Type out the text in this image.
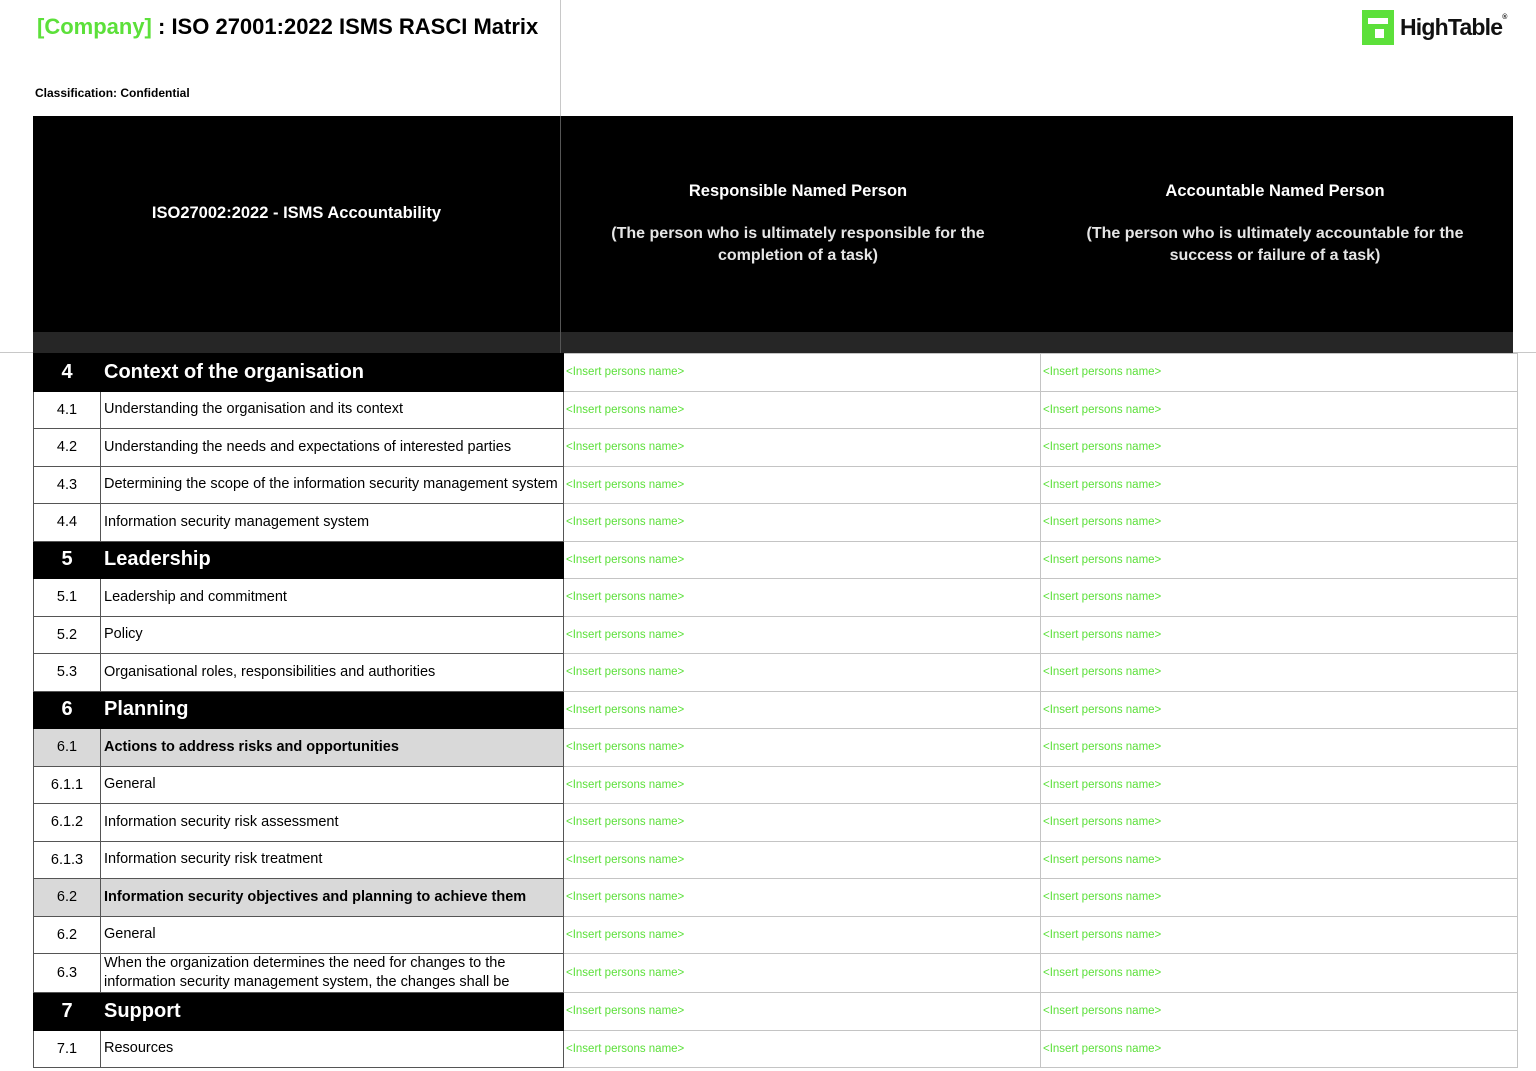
[Company] : ISO 27001:2022 ISMS RASCI Matrix
Classification: Confidential
HighTable®
ISO27002:2022 - ISMS Accountability
Responsible Named Person
(The person who is ultimately responsible for the completion of a task)
Accountable Named Person
(The person who is ultimately accountable for the success or failure of a task)
4	Context of the organisation	<Insert persons name>	<Insert persons name>
4.1	Understanding the organisation and its context	<Insert persons name>	<Insert persons name>
4.2	Understanding the needs and expectations of interested parties	<Insert persons name>	<Insert persons name>
4.3	Determining the scope of the information security management system	<Insert persons name>	<Insert persons name>
4.4	Information security management system	<Insert persons name>	<Insert persons name>
5	Leadership	<Insert persons name>	<Insert persons name>
5.1	Leadership and commitment	<Insert persons name>	<Insert persons name>
5.2	Policy	<Insert persons name>	<Insert persons name>
5.3	Organisational roles, responsibilities and authorities	<Insert persons name>	<Insert persons name>
6	Planning	<Insert persons name>	<Insert persons name>
6.1	Actions to address risks and opportunities	<Insert persons name>	<Insert persons name>
6.1.1	General	<Insert persons name>	<Insert persons name>
6.1.2	Information security risk assessment	<Insert persons name>	<Insert persons name>
6.1.3	Information security risk treatment	<Insert persons name>	<Insert persons name>
6.2	Information security objectives and planning to achieve them	<Insert persons name>	<Insert persons name>
6.2	General	<Insert persons name>	<Insert persons name>
6.3	When the organization determines the need for changes to the information security management system, the changes shall be	<Insert persons name>	<Insert persons name>
7	Support	<Insert persons name>	<Insert persons name>
7.1	Resources	<Insert persons name>	<Insert persons name>
